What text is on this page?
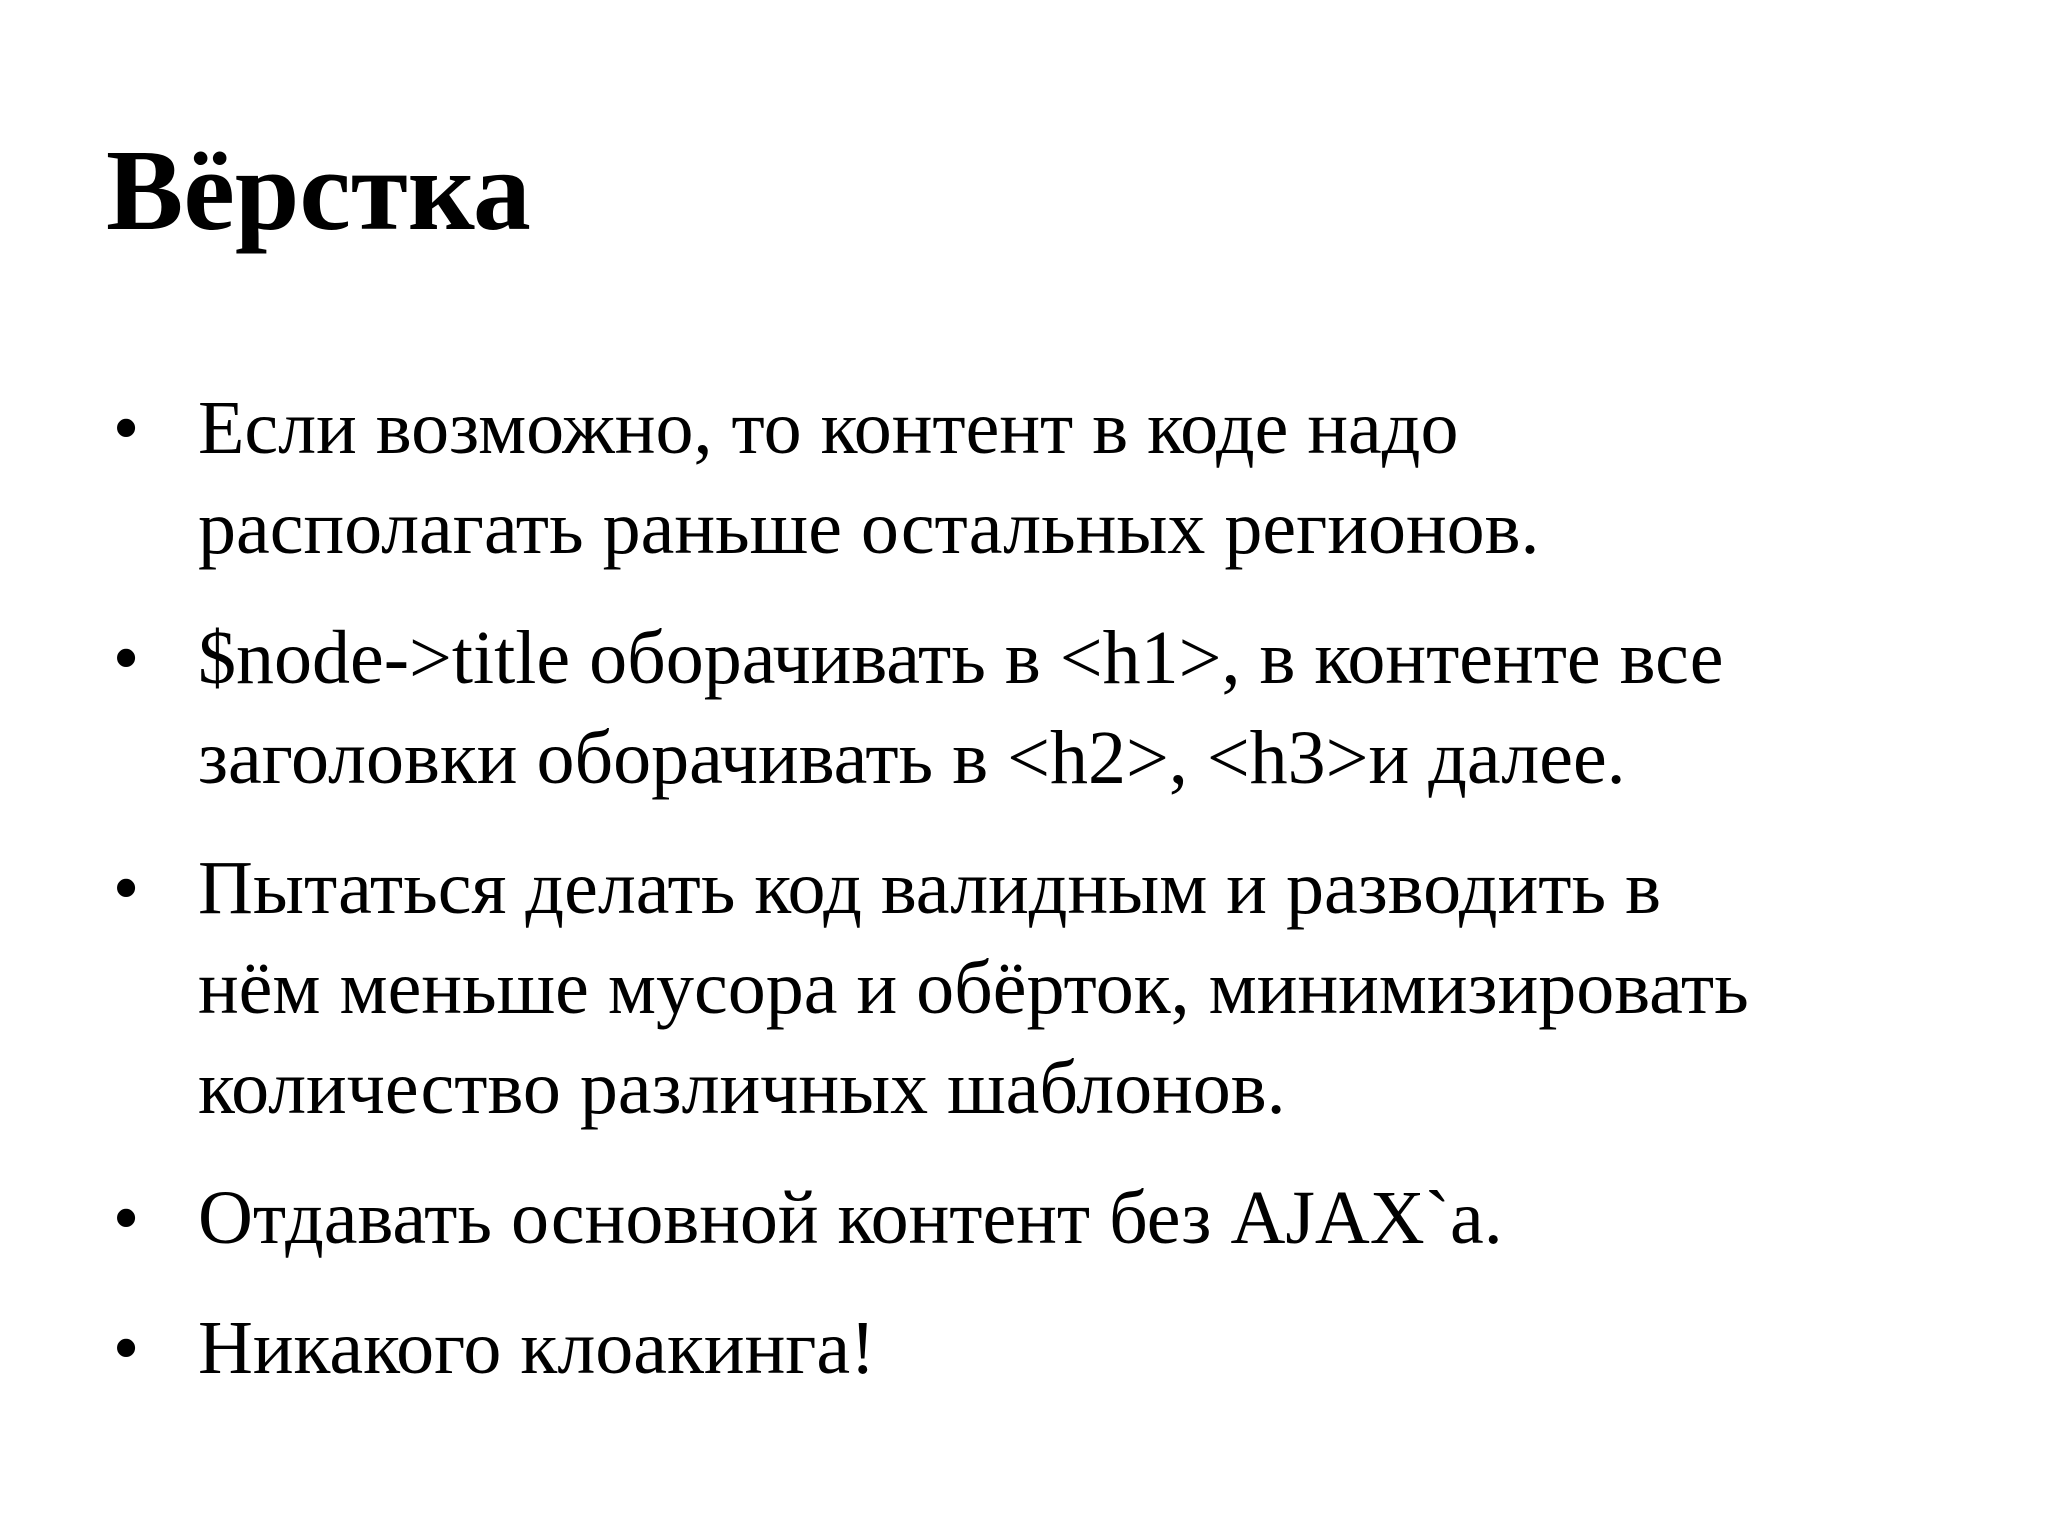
Вёрстка
• Если возможно, то контент в коде надо
располагать раньше остальных регионов.
• $node->title оборачивать в <h1>, в контенте все
заголовки оборачивать в <h2>, <h3>и далее.
• Пытаться делать код валидным и разводить в
нём меньше мусора и обёрток, минимизировать
количество различных шаблонов.
• Отдавать основной контент без AJAX`a.
• Никакого клоакинга!
